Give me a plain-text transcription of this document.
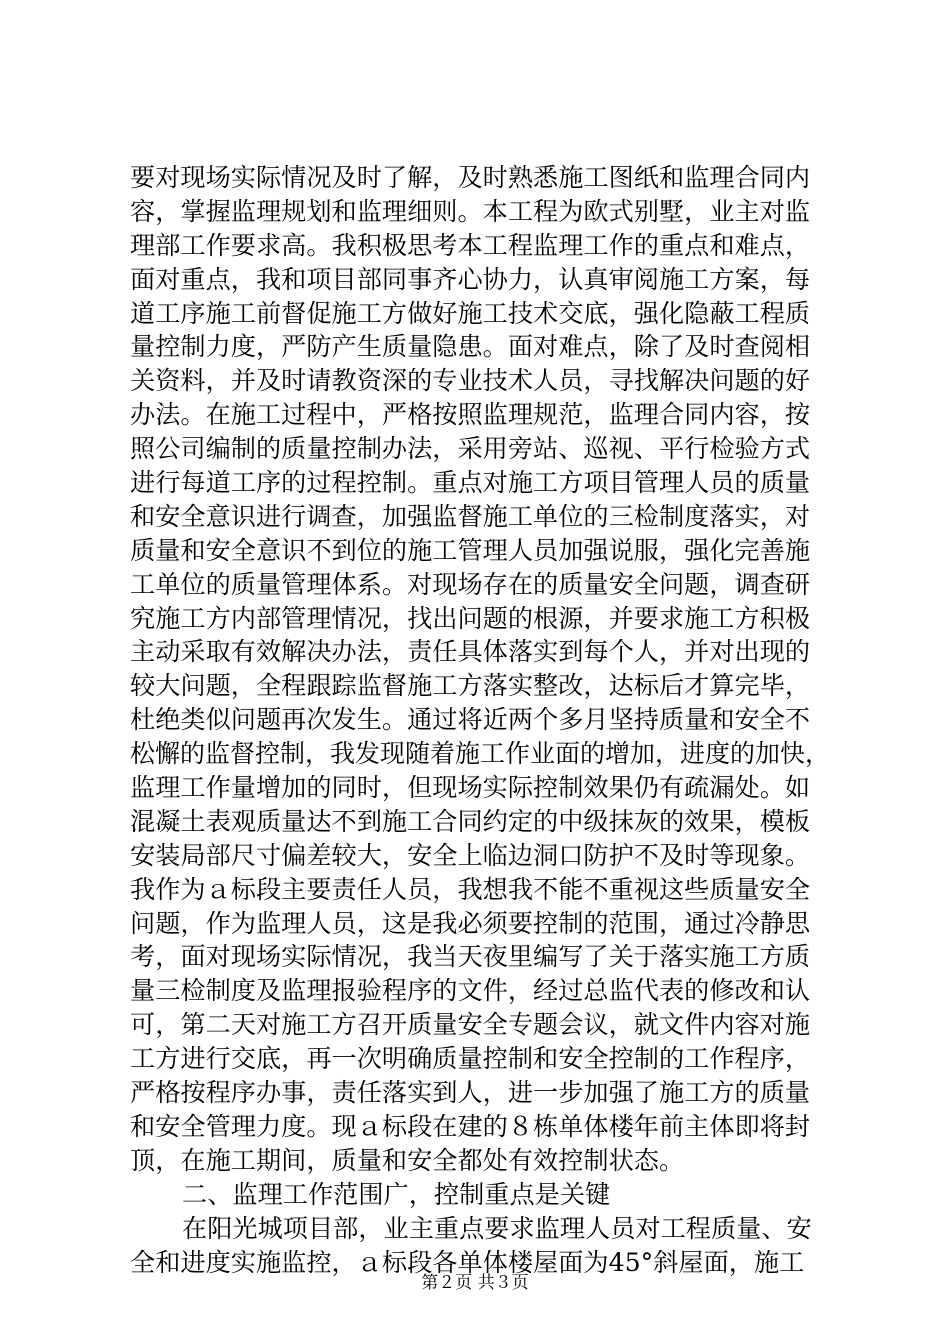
要对现场实际情况及时了解，及时熟悉施工图纸和监理合同内
容，掌握监理规划和监理细则。本工程为欧式别墅，业主对监
理部工作要求高。我积极思考本工程监理工作的重点和难点，
面对重点，我和项目部同事齐心协力，认真审阅施工方案，每
道工序施工前督促施工方做好施工技术交底，强化隐蔽工程质
量控制力度，严防产生质量隐患。面对难点，除了及时查阅相
关资料，并及时请教资深的专业技术人员，寻找解决问题的好
办法。在施工过程中，严格按照监理规范，监理合同内容，按
照公司编制的质量控制办法，采用旁站、巡视、平行检验方式
进行每道工序的过程控制。重点对施工方项目管理人员的质量
和安全意识进行调查，加强监督施工单位的三检制度落实，对
质量和安全意识不到位的施工管理人员加强说服，强化完善施
工单位的质量管理体系。对现场存在的质量安全问题，调查研
究施工方内部管理情况，找出问题的根源，并要求施工方积极
主动采取有效解决办法，责任具体落实到每个人，并对出现的
较大问题，全程跟踪监督施工方落实整改，达标后才算完毕，
杜绝类似问题再次发生。通过将近两个多月坚持质量和安全不
松懈的监督控制，我发现随着施工作业面的增加，进度的加快，
监理工作量增加的同时，但现场实际控制效果仍有疏漏处。如
混凝土表观质量达不到施工合同约定的中级抹灰的效果，模板
安装局部尺寸偏差较大，安全上临边洞口防护不及时等现象。
我作为ａ标段主要责任人员，我想我不能不重视这些质量安全
问题，作为监理人员，这是我必须要控制的范围，通过冷静思
考，面对现场实际情况，我当天夜里编写了关于落实施工方质
量三检制度及监理报验程序的文件，经过总监代表的修改和认
可，第二天对施工方召开质量安全专题会议，就文件内容对施
工方进行交底，再一次明确质量控制和安全控制的工作程序，
严格按程序办事，责任落实到人，进一步加强了施工方的质量
和安全管理力度。现ａ标段在建的８栋单体楼年前主体即将封
顶，在施工期间，质量和安全都处有效控制状态。
二、监理工作范围广，控制重点是关键
在阳光城项目部，业主重点要求监理人员对工程质量、安
全和进度实施监控，ａ标段各单体楼屋面为45°斜屋面，施工
第２页 共３页
